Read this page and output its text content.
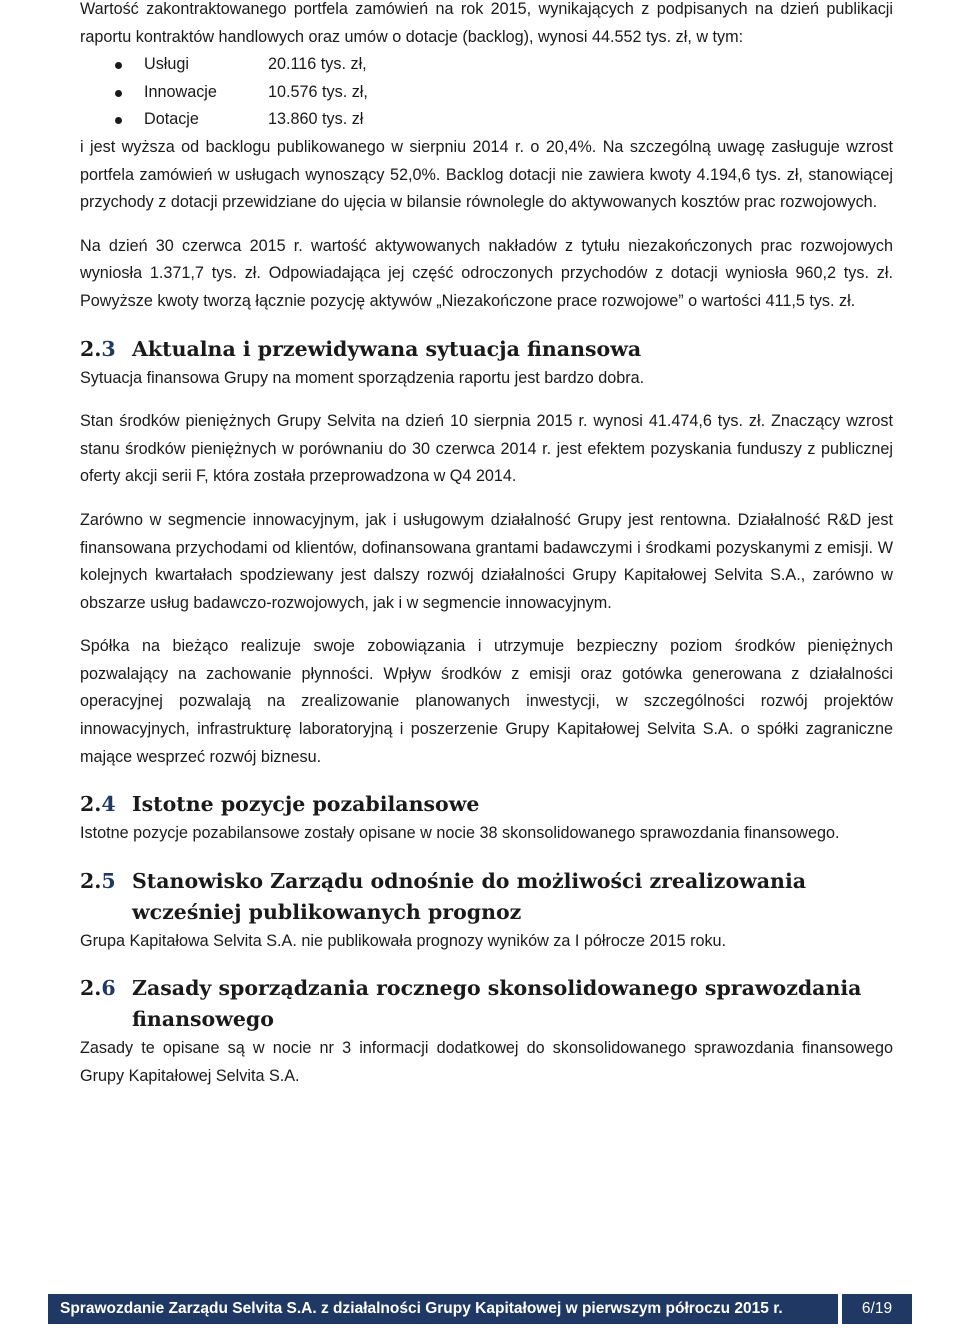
Wartość zakontraktowanego portfela zamówień na rok 2015, wynikających z podpisanych na dzień publikacji raportu kontraktów handlowych oraz umów o dotacje (backlog), wynosi 44.552 tys. zł, w tym:

Usługi	20.116 tys. zł,
Innowacje	10.576 tys. zł,
Dotacje	13.860 tys. zł

i jest wyższa od backlogu publikowanego w sierpniu 2014 r. o 20,4%. Na szczególną uwagę zasługuje wzrost portfela zamówień w usługach wynoszący 52,0%. Backlog dotacji nie zawiera kwoty 4.194,6 tys. zł, stanowiącej przychody z dotacji przewidziane do ujęcia w bilansie równolegle do aktywowanych kosztów prac rozwojowych.

Na dzień 30 czerwca 2015 r. wartość aktywowanych nakładów z tytułu niezakończonych prac rozwojowych wyniosła 1.371,7 tys. zł. Odpowiadająca jej część odroczonych przychodów z dotacji wyniosła 960,2 tys. zł. Powyższe kwoty tworzą łącznie pozycję aktywów „Niezakończone prace rozwojowe” o wartości 411,5 tys. zł.

2.3 Aktualna i przewidywana sytuacja finansowa

Sytuacja finansowa Grupy na moment sporządzenia raportu jest bardzo dobra.

Stan środków pieniężnych Grupy Selvita na dzień 10 sierpnia 2015 r. wynosi 41.474,6 tys. zł. Znaczący wzrost stanu środków pieniężnych w porównaniu do 30 czerwca 2014 r. jest efektem pozyskania funduszy z publicznej oferty akcji serii F, która została przeprowadzona w Q4 2014.

Zarówno w segmencie innowacyjnym, jak i usługowym działalność Grupy jest rentowna. Działalność R&D jest finansowana przychodami od klientów, dofinansowana grantami badawczymi i środkami pozyskanymi z emisji. W kolejnych kwartałach spodziewany jest dalszy rozwój działalności Grupy Kapitałowej Selvita S.A., zarówno w obszarze usług badawczo-rozwojowych, jak i w segmencie innowacyjnym.

Spółka na bieżąco realizuje swoje zobowiązania i utrzymuje bezpieczny poziom środków pieniężnych pozwalający na zachowanie płynności. Wpływ środków z emisji oraz gotówka generowana z działalności operacyjnej pozwalają na zrealizowanie planowanych inwestycji, w szczególności rozwój projektów innowacyjnych, infrastrukturę laboratoryjną i poszerzenie Grupy Kapitałowej Selvita S.A. o spółki zagraniczne mające wesprzeć rozwój biznesu.

2.4 Istotne pozycje pozabilansowe

Istotne pozycje pozabilansowe zostały opisane w nocie 38 skonsolidowanego sprawozdania finansowego.

2.5 Stanowisko Zarządu odnośnie do możliwości zrealizowania wcześniej publikowanych prognoz

Grupa Kapitałowa Selvita S.A. nie publikowała prognozy wyników za I półrocze 2015 roku.

2.6 Zasady sporządzania rocznego skonsolidowanego sprawozdania finansowego

Zasady te opisane są w nocie nr 3 informacji dodatkowej do skonsolidowanego sprawozdania finansowego Grupy Kapitałowej Selvita S.A.

Sprawozdanie Zarządu Selvita S.A. z działalności Grupy Kapitałowej w pierwszym półroczu 2015 r.	6/19
